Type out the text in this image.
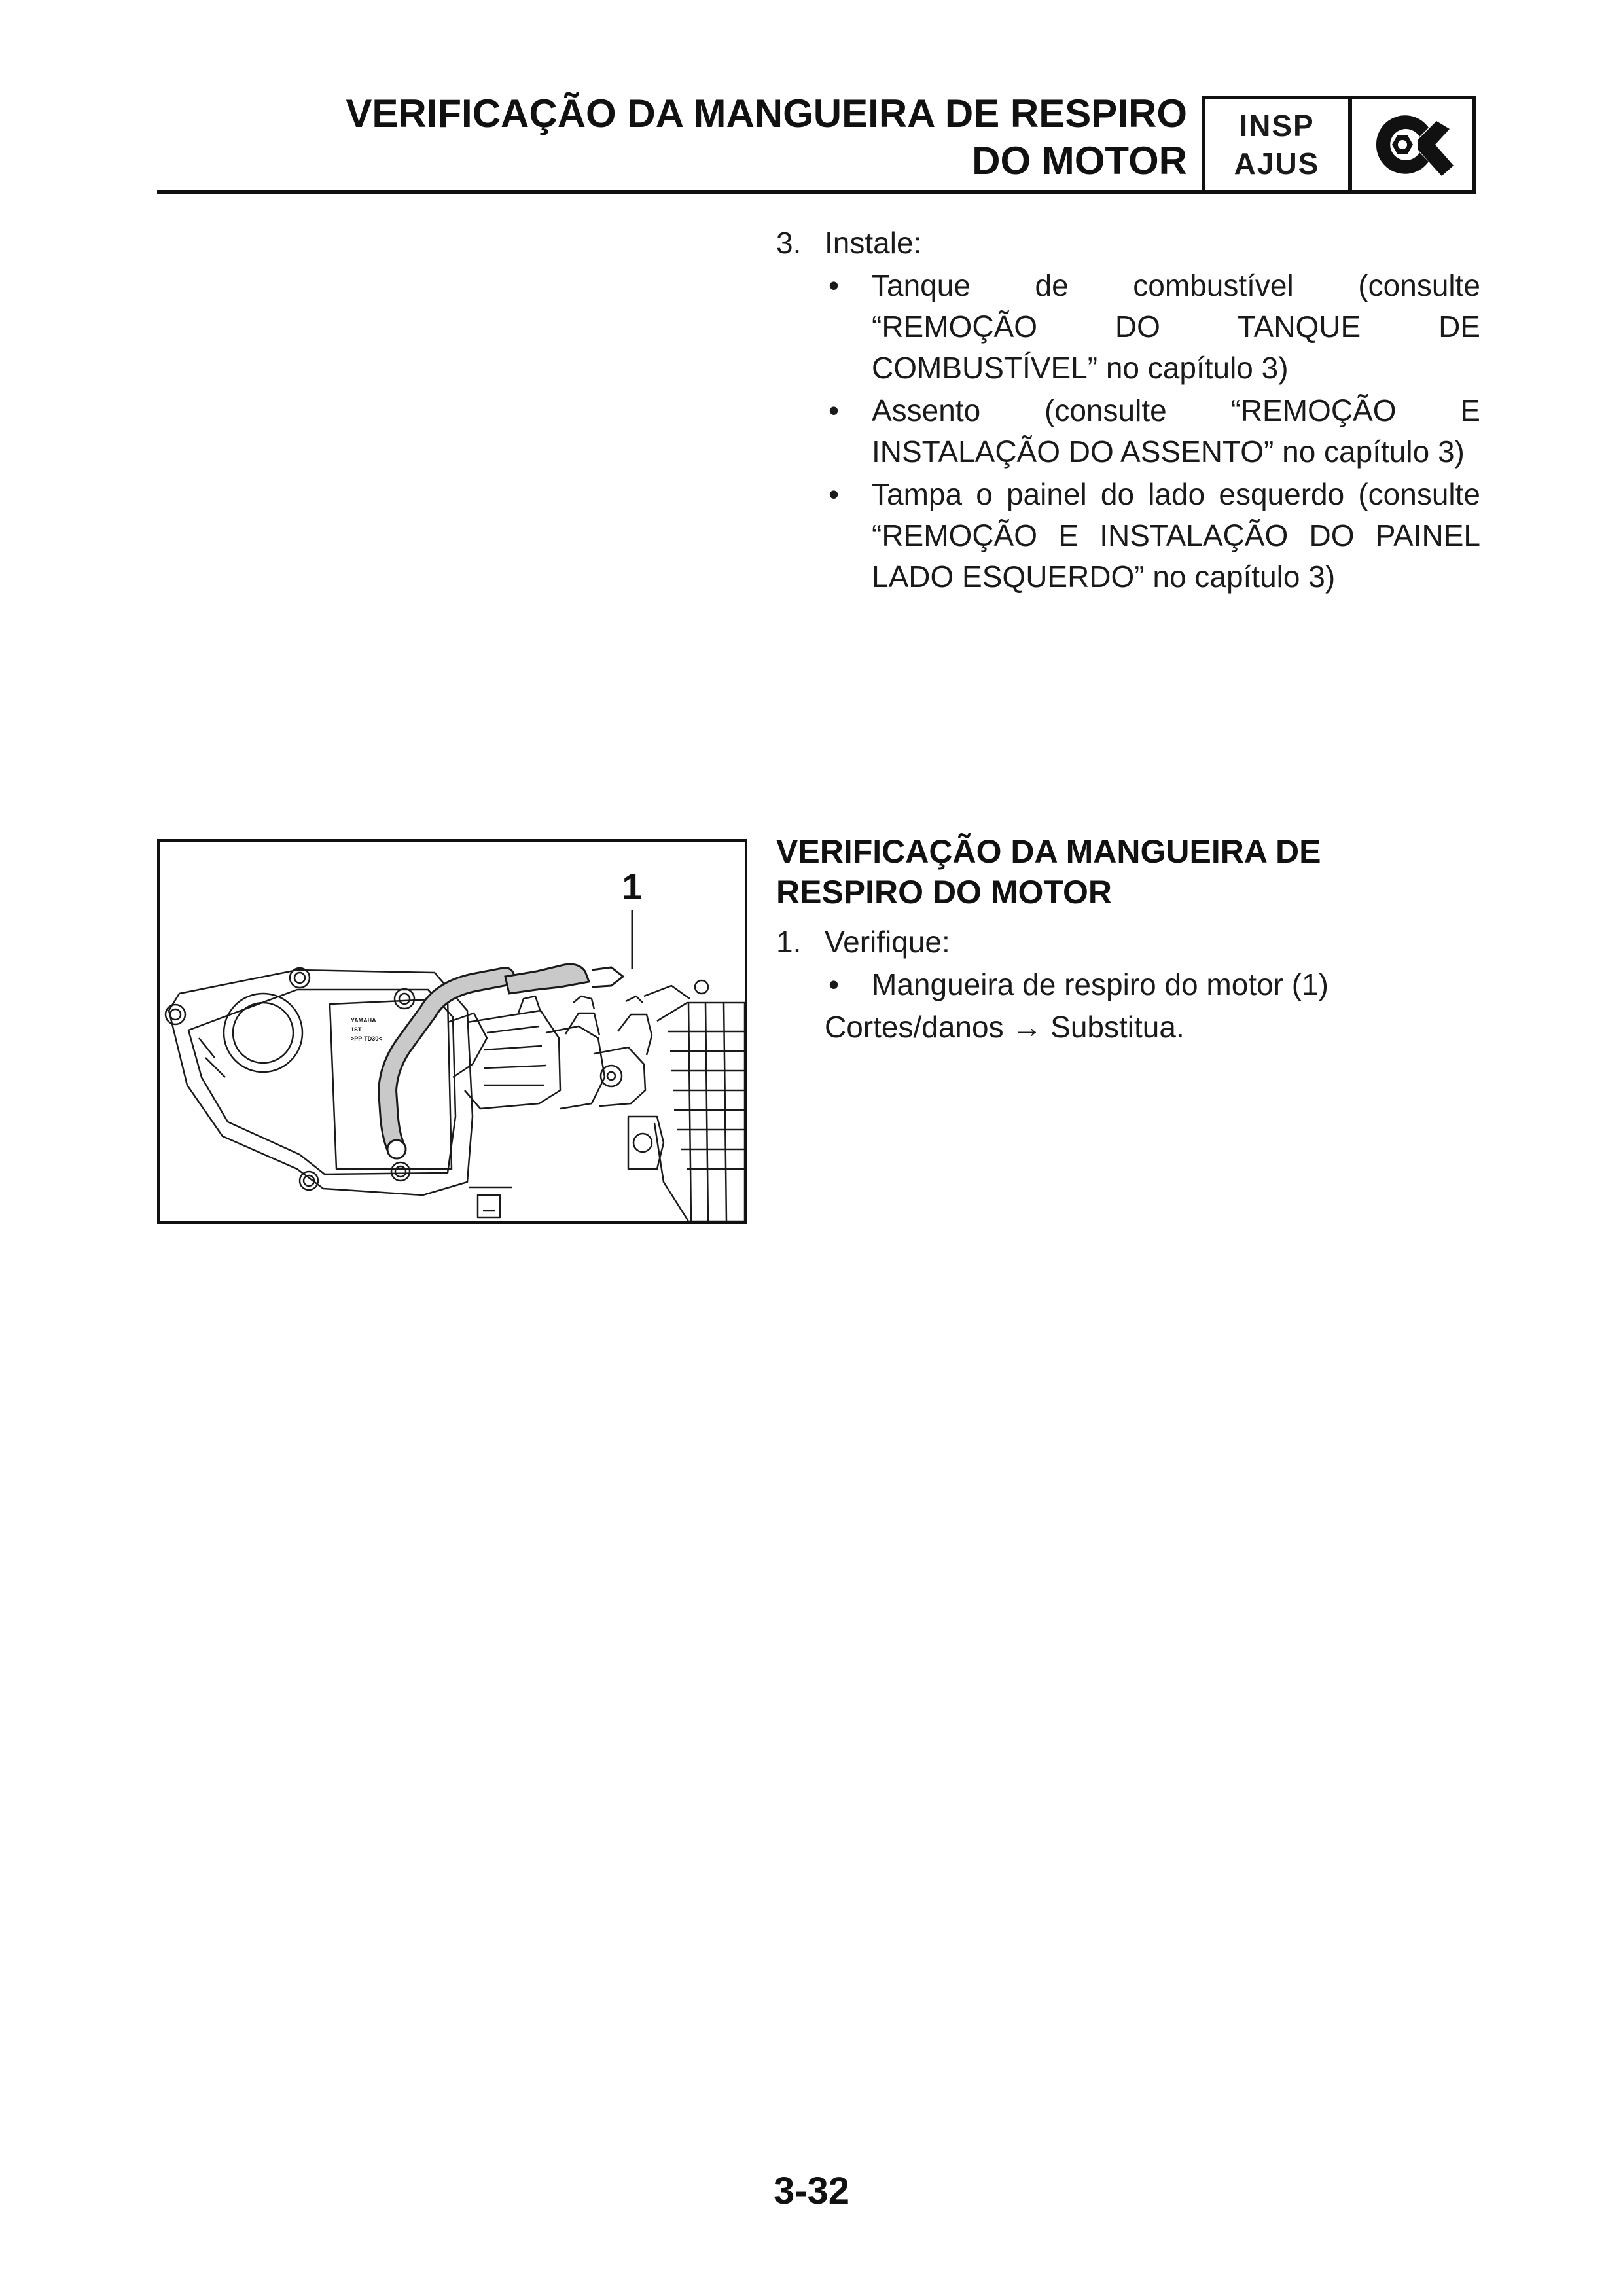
VERIFICAÇÃO DA MANGUEIRA DE RESPIRO
DO MOTOR
INSP
AJUS
3. Instale:
• Tanque de combustível (consulte “REMOÇÃO DO TANQUE DE COMBUSTÍVEL” no capítulo 3)
• Assento (consulte “REMOÇÃO E INSTALAÇÃO DO ASSENTO” no capítulo 3)
• Tampa o painel do lado esquerdo (consulte “REMOÇÃO E INSTALAÇÃO DO PAINEL LADO ESQUERDO” no capítulo 3)
YAMAHA
1ST
>PP-TD30<
1
VERIFICAÇÃO DA MANGUEIRA DE
RESPIRO DO MOTOR
1. Verifique:
• Mangueira de respiro do motor (1)
Cortes/danos → Substitua.
3-32
